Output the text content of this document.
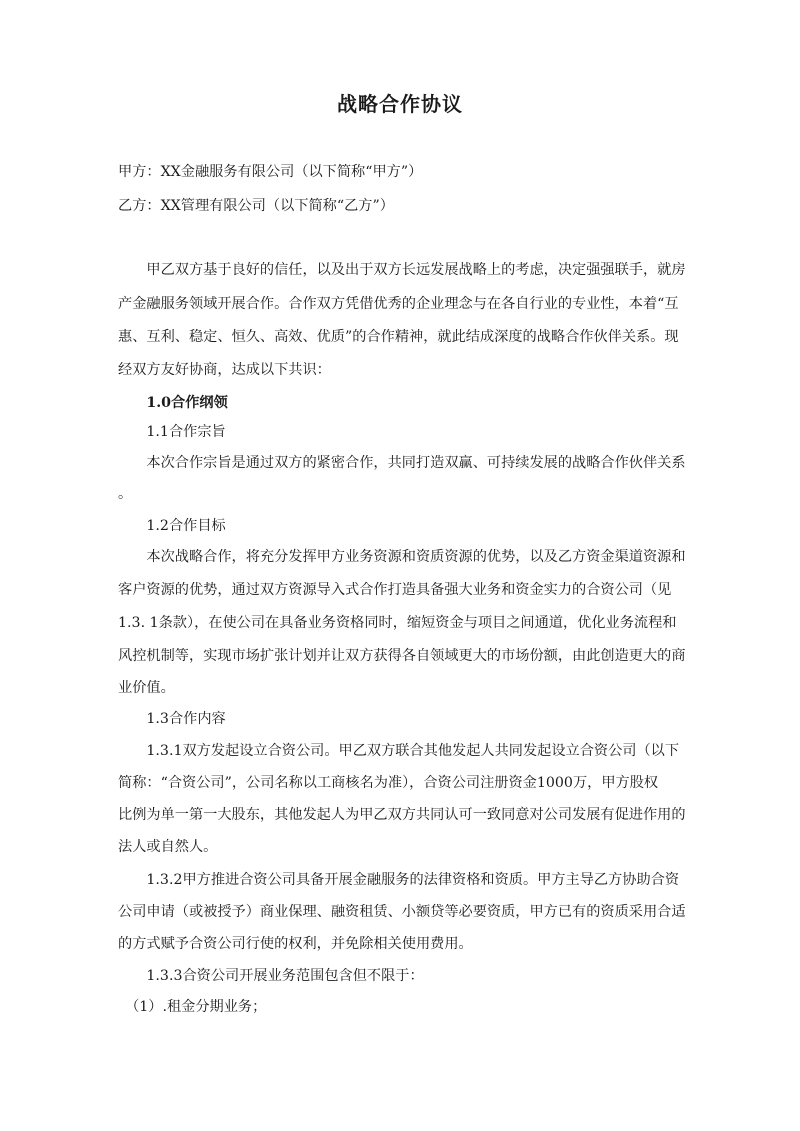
战略合作协议
甲方：XX金融服务有限公司（以下简称“甲方”）
乙方：XX管理有限公司（以下简称“乙方”）
　　甲乙双方基于良好的信任，以及出于双方长远发展战略上的考虑，决定强强联手，就房
产金融服务领域开展合作。合作双方凭借优秀的企业理念与在各自行业的专业性，本着“互
惠、互利、稳定、恒久、高效、优质”的合作精神，就此结成深度的战略合作伙伴关系。现
经双方友好协商，达成以下共识：
　　1.0合作纲领
　　1.1合作宗旨
　　本次合作宗旨是通过双方的紧密合作，共同打造双赢、可持续发展的战略合作伙伴关系
。
　　1.2合作目标
　　本次战略合作，将充分发挥甲方业务资源和资质资源的优势，以及乙方资金渠道资源和
客户资源的优势，通过双方资源导入式合作打造具备强大业务和资金实力的合资公司（见
1.3. 1条款），在使公司在具备业务资格同时，缩短资金与项目之间通道，优化业务流程和
风控机制等，实现市场扩张计划并让双方获得各自领域更大的市场份额，由此创造更大的商
业价值。
　　1.3合作内容
　　1.3.1双方发起设立合资公司。甲乙双方联合其他发起人共同发起设立合资公司（以下
简称：“合资公司”，公司名称以工商核名为准），合资公司注册资金1000万，甲方股权
比例为单一第一大股东，其他发起人为甲乙双方共同认可一致同意对公司发展有促进作用的
法人或自然人。
　　1.3.2甲方推进合资公司具备开展金融服务的法律资格和资质。甲方主导乙方协助合资
公司申请（或被授予）商业保理、融资租赁、小额贷等必要资质，甲方已有的资质采用合适
的方式赋予合资公司行使的权利，并免除相关使用费用。
　　1.3.3合资公司开展业务范围包含但不限于：
　（1）.租金分期业务；
